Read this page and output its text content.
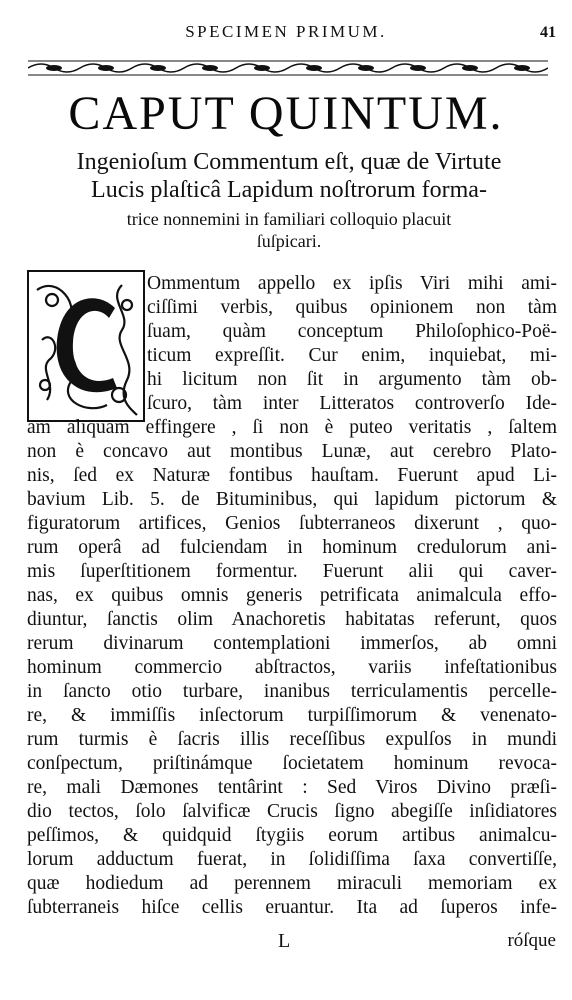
SPECIMEN PRIMUM.	41
CAPUT QUINTUM.
Ingenioſum Commentum eſt, quæ de Virtute
Lucis plaſticâ Lapidum noſtrorum forma-
trice nonnemini in familiari colloquio placuit
ſuſpicari.
C
Ommentum appello ex ipſis Viri mihi ami-
ciſſimi verbis, quibus opinionem non tàm
ſuam, quàm conceptum Philoſophico-Poë-
ticum expreſſit. Cur enim, inquiebat, mi-
hi licitum non ſit in argumento tàm ob-
ſcuro, tàm inter Litteratos controverſo Ide-
am aliquam effingere , ſi non è puteo veritatis , ſaltem
non è concavo aut montibus Lunæ, aut cerebro Plato-
nis, ſed ex Naturæ fontibus hauſtam. Fuerunt apud Li-
bavium Lib. 5. de Bituminibus, qui lapidum pictorum &
figuratorum artifices, Genios ſubterraneos dixerunt , quo-
rum operâ ad fulciendam in hominum credulorum ani-
mis ſuperſtitionem formentur. Fuerunt alii qui caver-
nas, ex quibus omnis generis petrificata animalcula effo-
diuntur, ſanctis olim Anachoretis habitatas referunt, quos
rerum divinarum contemplationi immerſos, ab omni
hominum commercio abſtractos, variis infeſtationibus
in ſancto otio turbare, inanibus terriculamentis percelle-
re, & immiſſis inſectorum turpiſſimorum & venenato-
rum turmis è ſacris illis receſſibus expulſos in mundi
conſpectum, priſtinámque ſocietatem hominum revoca-
re, mali Dæmones tentârint : Sed Viros Divino præſi-
dio tectos, ſolo ſalvificæ Crucis ſigno abegiſſe inſidiatores
peſſimos, & quidquid ſtygiis eorum artibus animalcu-
lorum adductum fuerat, in ſolidiſſima ſaxa convertiſſe,
quæ hodiedum ad perennem miraculi memoriam ex
ſubterraneis hiſce cellis eruantur. Ita ad ſuperos infe-
L	róſque
